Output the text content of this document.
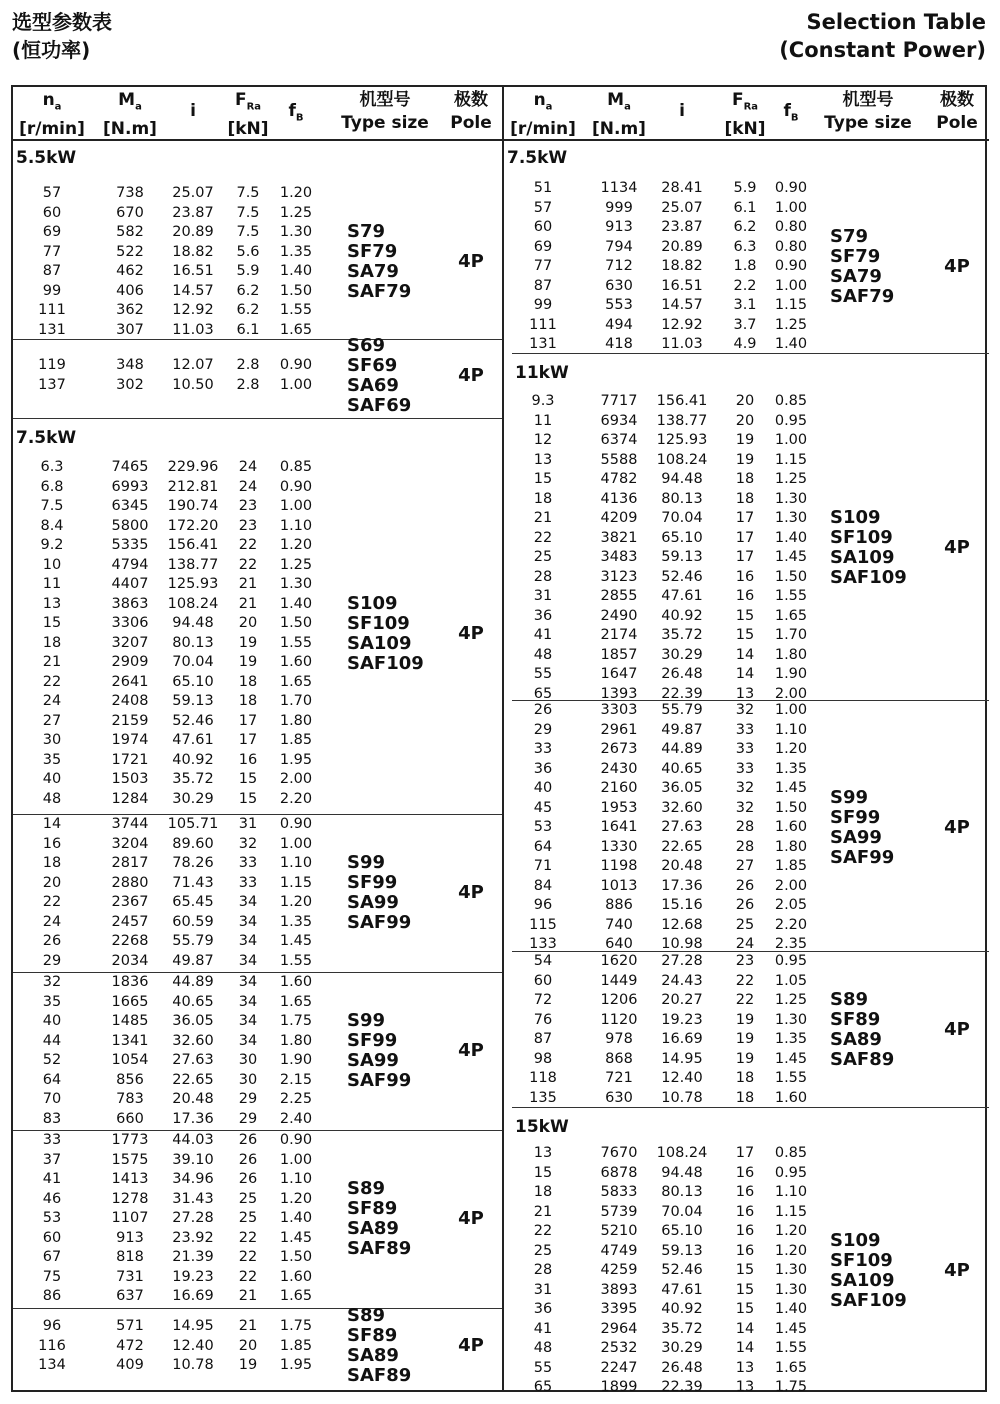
选型参数表
(恒功率)
Selection Table
(Constant Power)
$n_a$
[r/min]
$M_a$
[N.m]
i
$F_{Ra}$
[kN]
$f_B$
机型号
Type size
极数
Pole
5.5kW
57	738	25.07	7.5	1.20
60	670	23.87	7.5	1.25
69	582	20.89	7.5	1.30
77	522	18.82	5.6	1.35
87	462	16.51	5.9	1.40
99	406	14.57	6.2	1.50
111	362	12.92	6.2	1.55
131	307	11.03	6.1	1.65
S79
SF79
SA79
SAF79
4P
119	348	12.07	2.8	0.90
137	302	10.50	2.8	1.00
S69
SF69
SA69
SAF69
4P
7.5kW
6.3	7465	229.96	24	0.85
6.8	6993	212.81	24	0.90
7.5	6345	190.74	23	1.00
8.4	5800	172.20	23	1.10
9.2	5335	156.41	22	1.20
10	4794	138.77	22	1.25
11	4407	125.93	21	1.30
13	3863	108.24	21	1.40
15	3306	94.48	20	1.50
18	3207	80.13	19	1.55
21	2909	70.04	19	1.60
22	2641	65.10	18	1.65
24	2408	59.13	18	1.70
27	2159	52.46	17	1.80
30	1974	47.61	17	1.85
35	1721	40.92	16	1.95
40	1503	35.72	15	2.00
48	1284	30.29	15	2.20
S109
SF109
SA109
SAF109
4P
14	3744	105.71	31	0.90
16	3204	89.60	32	1.00
18	2817	78.26	33	1.10
20	2880	71.43	33	1.15
22	2367	65.45	34	1.20
24	2457	60.59	34	1.35
26	2268	55.79	34	1.45
29	2034	49.87	34	1.55
S99
SF99
SA99
SAF99
4P
32	1836	44.89	34	1.60
35	1665	40.65	34	1.65
40	1485	36.05	34	1.75
44	1341	32.60	34	1.80
52	1054	27.63	30	1.90
64	856	22.65	30	2.15
70	783	20.48	29	2.25
83	660	17.36	29	2.40
S99
SF99
SA99
SAF99
4P
33	1773	44.03	26	0.90
37	1575	39.10	26	1.00
41	1413	34.96	26	1.10
46	1278	31.43	25	1.20
53	1107	27.28	25	1.40
60	913	23.92	22	1.45
67	818	21.39	22	1.50
75	731	19.23	22	1.60
86	637	16.69	21	1.65
S89
SF89
SA89
SAF89
4P
96	571	14.95	21	1.75
116	472	12.40	20	1.85
134	409	10.78	19	1.95
S89
SF89
SA89
SAF89
4P
$n_a$
[r/min]
$M_a$
[N.m]
i
$F_{Ra}$
[kN]
$f_B$
机型号
Type size
极数
Pole
7.5kW
51	1134	28.41	5.9	0.90
57	999	25.07	6.1	1.00
60	913	23.87	6.2	0.80
69	794	20.89	6.3	0.80
77	712	18.82	1.8	0.90
87	630	16.51	2.2	1.00
99	553	14.57	3.1	1.15
111	494	12.92	3.7	1.25
131	418	11.03	4.9	1.40
S79
SF79
SA79
SAF79
4P
11kW
9.3	7717	156.41	20	0.85
11	6934	138.77	20	0.95
12	6374	125.93	19	1.00
13	5588	108.24	19	1.15
15	4782	94.48	18	1.25
18	4136	80.13	18	1.30
21	4209	70.04	17	1.30
22	3821	65.10	17	1.40
25	3483	59.13	17	1.45
28	3123	52.46	16	1.50
31	2855	47.61	16	1.55
36	2490	40.92	15	1.65
41	2174	35.72	15	1.70
48	1857	30.29	14	1.80
55	1647	26.48	14	1.90
65	1393	22.39	13	2.00
S109
SF109
SA109
SAF109
4P
26	3303	55.79	32	1.00
29	2961	49.87	33	1.10
33	2673	44.89	33	1.20
36	2430	40.65	33	1.35
40	2160	36.05	32	1.45
45	1953	32.60	32	1.50
53	1641	27.63	28	1.60
64	1330	22.65	28	1.80
71	1198	20.48	27	1.85
84	1013	17.36	26	2.00
96	886	15.16	26	2.05
115	740	12.68	25	2.20
133	640	10.98	24	2.35
S99
SF99
SA99
SAF99
4P
54	1620	27.28	23	0.95
60	1449	24.43	22	1.05
72	1206	20.27	22	1.25
76	1120	19.23	19	1.30
87	978	16.69	19	1.35
98	868	14.95	19	1.45
118	721	12.40	18	1.55
135	630	10.78	18	1.60
S89
SF89
SA89
SAF89
4P
15kW
13	7670	108.24	17	0.85
15	6878	94.48	16	0.95
18	5833	80.13	16	1.10
21	5739	70.04	16	1.15
22	5210	65.10	16	1.20
25	4749	59.13	16	1.20
28	4259	52.46	15	1.30
31	3893	47.61	15	1.30
36	3395	40.92	15	1.40
41	2964	35.72	14	1.45
48	2532	30.29	14	1.55
55	2247	26.48	13	1.65
65	1899	22.39	13	1.75
S109
SF109
SA109
SAF109
4P
